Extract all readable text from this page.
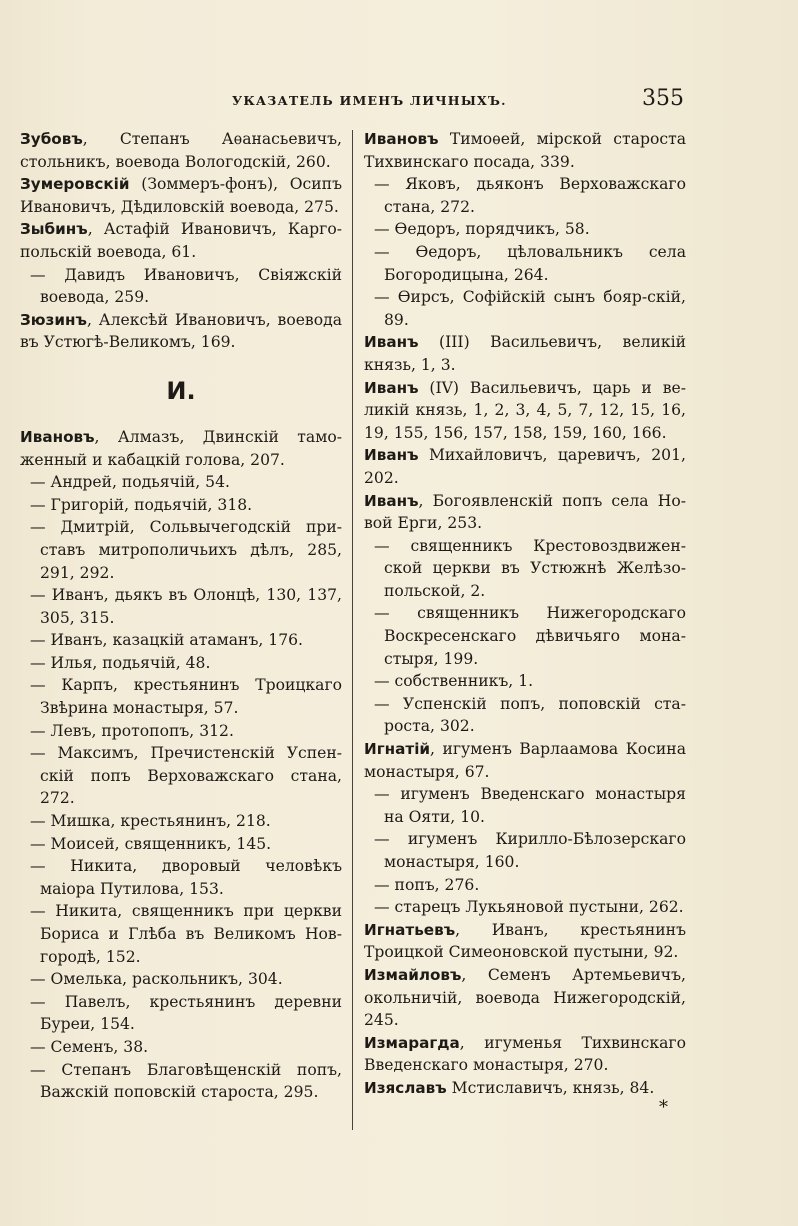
УКАЗАТЕЛЬ ИМЕНЪ ЛИЧНЫХЪ.	355

Зубовъ, Степанъ Аѳанасьевичъ, стольникъ, воевода Вологодскій, 260.

Зумеровскій (Зоммеръ-фонъ), Осипъ Ивановичъ, Дѣдиловскій воевода, 275.

Зыбинъ, Астафій Ивановичъ, Карго-польскій воевода, 61.

— Давидъ Ивановичъ, Свіяжскій воевода, 259.

Зюзинъ, Алексѣй Ивановичъ, воевода въ Устюгѣ-Великомъ, 169.

И.

Ивановъ, Алмазъ, Двинскій тамо-женный и кабацкій голова, 207.

— Андрей, подьячій, 54.

— Григорій, подьячій, 318.

— Дмитрій, Сольвычегодскій при-ставъ митрополичьихъ дѣлъ, 285, 291, 292.

— Иванъ, дьякъ въ Олонцѣ, 130, 137, 305, 315.

— Иванъ, казацкій атаманъ, 176.

— Илья, подьячій, 48.

— Карпъ, крестьянинъ Троицкаго Звѣрина монастыря, 57.

— Левъ, протопопъ, 312.

— Максимъ, Пречистенскій Успен-скій попъ Верховажскаго стана, 272.

— Мишка, крестьянинъ, 218.

— Моисей, священникъ, 145.

— Никита, дворовый человѣкъ маіора Путилова, 153.

— Никита, священникъ при церкви Бориса и Глѣба въ Великомъ Нов-городѣ, 152.

— Омелька, раскольникъ, 304.

— Павелъ, крестьянинъ деревни Буреи, 154.

— Семенъ, 38.

— Степанъ Благовѣщенскій попъ, Важскій поповскій староста, 295.

Ивановъ Тимоѳей, мірской староста Тихвинскаго посада, 339.

— Яковъ, дьяконъ Верховажскаго стана, 272.

— Ѳедоръ, порядчикъ, 58.

— Ѳедоръ, цѣловальникъ села Богородицына, 264.

— Ѳирсъ, Софійскій сынъ бояр-скій, 89.

Иванъ (III) Васильевичъ, великій князь, 1, 3.

Иванъ (IV) Васильевичъ, царь и ве-ликій князь, 1, 2, 3, 4, 5, 7, 12, 15, 16, 19, 155, 156, 157, 158, 159, 160, 166.

Иванъ Михайловичъ, царевичъ, 201, 202.

Иванъ, Богоявленскій попъ села Но-вой Ерги, 253.

— священникъ Крестовоздвижен-ской церкви въ Устюжнѣ Желѣзо-польской, 2.

— священникъ Нижегородскаго Воскресенскаго дѣвичьяго мона-стыря, 199.

— собственникъ, 1.

— Успенскій попъ, поповскій ста-роста, 302.

Игнатій, игуменъ Варлаамова Косина монастыря, 67.

— игуменъ Введенскаго монастыря на Ояти, 10.

— игуменъ Кирилло-Бѣлозерскаго монастыря, 160.

— попъ, 276.

— старецъ Лукьяновой пустыни, 262.

Игнатьевъ, Иванъ, крестьянинъ Троицкой Симеоновской пустыни, 92.

Измайловъ, Семенъ Артемьевичъ, окольничій, воевода Нижегородскій, 245.

Измарагда, игуменья Тихвинскаго Введенскаго монастыря, 270.

Изяславъ Мстиславичъ, князь, 84.

*
